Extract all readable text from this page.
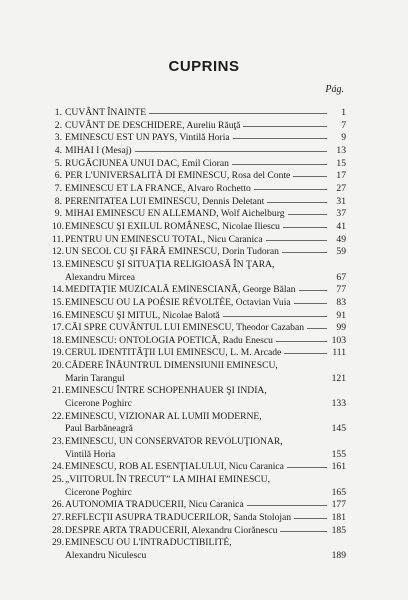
CUPRINS
Pág.
1. CUVÂNT ÎNAINTE	1
2. CUVÂNT DE DESCHIDERE, Aureliu Răuţă	7
3. EMINESCU EST UN PAYS, Vintilă Horia	9
4. MIHAI I (Mesaj)	13
5. RUGĂCIUNEA UNUI DAC, Emil Cioran	15
6. PER L'UNIVERSALITÀ DI EMINESCU, Rosa del Conte	17
7. EMINESCU ET LA FRANCE, Alvaro Rochetto	27
8. PERENITATEA LUI EMINESCU, Dennis Deletant	31
9. MIHAI EMINESCU EN ALLEMAND, Wolf Aichelburg	37
10. EMINESCU ŞI EXILUL ROMÂNESC, Nicolae Iliescu	41
11. PENTRU UN EMINESCU TOTAL, Nicu Caranica	49
12. UN SECOL CU ŞI FĂRĂ EMINESCU, Dorin Tudoran	59
13. EMINESCU ŞI SITUAŢIA RELIGIOASĂ ÎN ŢARA,
Alexandru Mircea	67
14. MEDITAŢIE MUZICALĂ EMINESCIANĂ, George Bălan	77
15. EMINESCU OU LA POÉSIE RÉVOLTÉE, Octavian Vuia	83
16. EMINESCU ŞI MITUL, Nicolae Balotă	91
17. CĂI SPRE CUVÂNTUL LUI EMINESCU, Theodor Cazaban	99
18. EMINESCU: ONTOLOGIA POETICĂ, Radu Enescu	103
19. CERUL IDENTITĂŢII LUI EMINESCU, L. M. Arcade	111
20. CĂDERE ÎNĂUNTRUL DIMENSIUNII EMINESCU,
Marin Tarangul	121
21. EMINESCU ÎNTRE SCHOPENHAUER ŞI INDIA,
Cicerone Poghirc	133
22. EMINESCU, VIZIONAR AL LUMII MODERNE,
Paul Barbăneagră	145
23. EMINESCU, UN CONSERVATOR REVOLUŢIONAR,
Vintilă Horia	155
24. EMINESCU, ROB AL ESENŢIALULUI, Nicu Caranica	161
25. „VIITORUL ÎN TRECUT” LA MIHAI EMINESCU,
Cicerone Poghirc	165
26. AUTONOMIA TRADUCERII, Nicu Caranica	177
27. REFLECŢII ASUPRA TRADUCERILOR, Sanda Stolojan	181
28. DESPRE ARTA TRADUCERII, Alexandru Ciorănescu	185
29. EMINESCU OU L'INTRADUCTIBILITÉ,
Alexandru Niculescu	189
